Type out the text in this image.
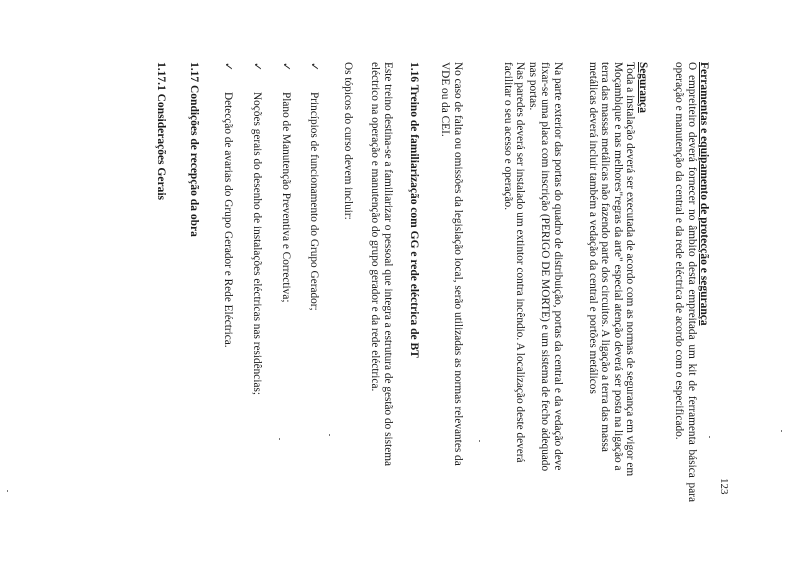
Ferramentas e equipamento de protecção e segurança
O empreiteiro deverá fornecer no âmbito desta empreitada um kit de ferramenta básica para operação e manutenção da central e da rede eléctrica de acordo com o especificado.
Segurança
Toda a instalação deverá ser executada de acordo com as normas de segurança em vigor em
Moçambique e nas melhores"regras da arte" especial atenção deverá ser posta na ligação a
terra das massas metálicas não fazendo parte dos circuitos. A ligação a terra das massa
metálicas deverá incluir também a vedação da central e portões metálicos
Na parte exterior das portas do quadro de distribuição, portas da central e da vedação deve
fixar-se uma placa com inscrição (PERIGO DE MORTE) e um sistema de fecho adequado
nas portas.
Nas paredes deverá ser instalado um extintor contra incêndio. A localização deste deverá
facilitar o seu acesso e operação.
No caso de falta ou omissões da legislação local, serão utilizadas as normas relevantes da
VDE ou da CEI.
1.16 Treino de familiarização com GG e rede eléctrica de BT
Este treino destina-se a familiarizar o pessoal que integra a estrutura de gestão do sistema
eléctrico na operação e manutenção do grupo gerador e da rede eléctrica.
Os tópicos do curso devem incluir:
✓
Princípios de funcionamento do Grupo Gerador;
✓
Plano de Manutenção Preventiva e Correctiva;
✓
Noções gerais do desenho de instalações eléctricas nas residências;
✓
Detecção de avarias do Grupo Gerador e Rede Eléctrica.
1.17 Condições de recepção da obra
1.17.1 Considerações Gerais
123
